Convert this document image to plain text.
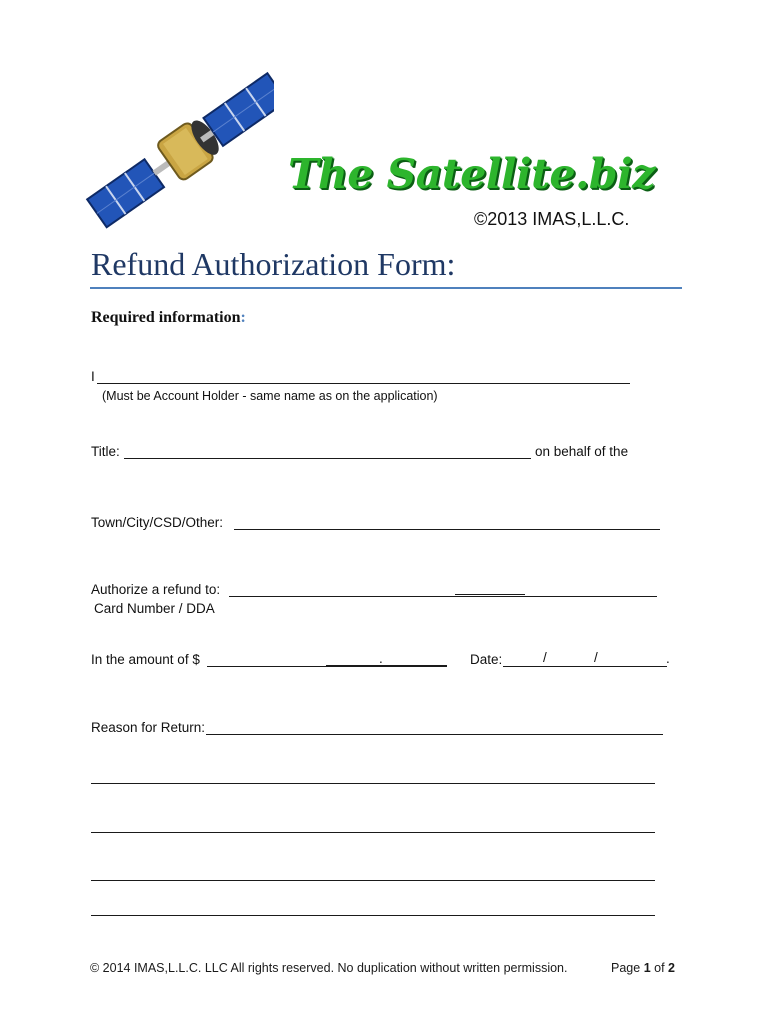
The Satellite.biz
©2013 IMAS,L.L.C.
Refund Authorization Form:
Required information:
I
(Must be Account Holder - same name as on the application)
Title:	on behalf of the
Town/City/CSD/Other:
Authorize a refund to:
Card Number / DDA
In the amount of $	.	Date:	/	/	.
Reason for Return:
© 2014 IMAS,L.L.C. LLC All rights reserved. No duplication without written permission.	Page 1 of 2
